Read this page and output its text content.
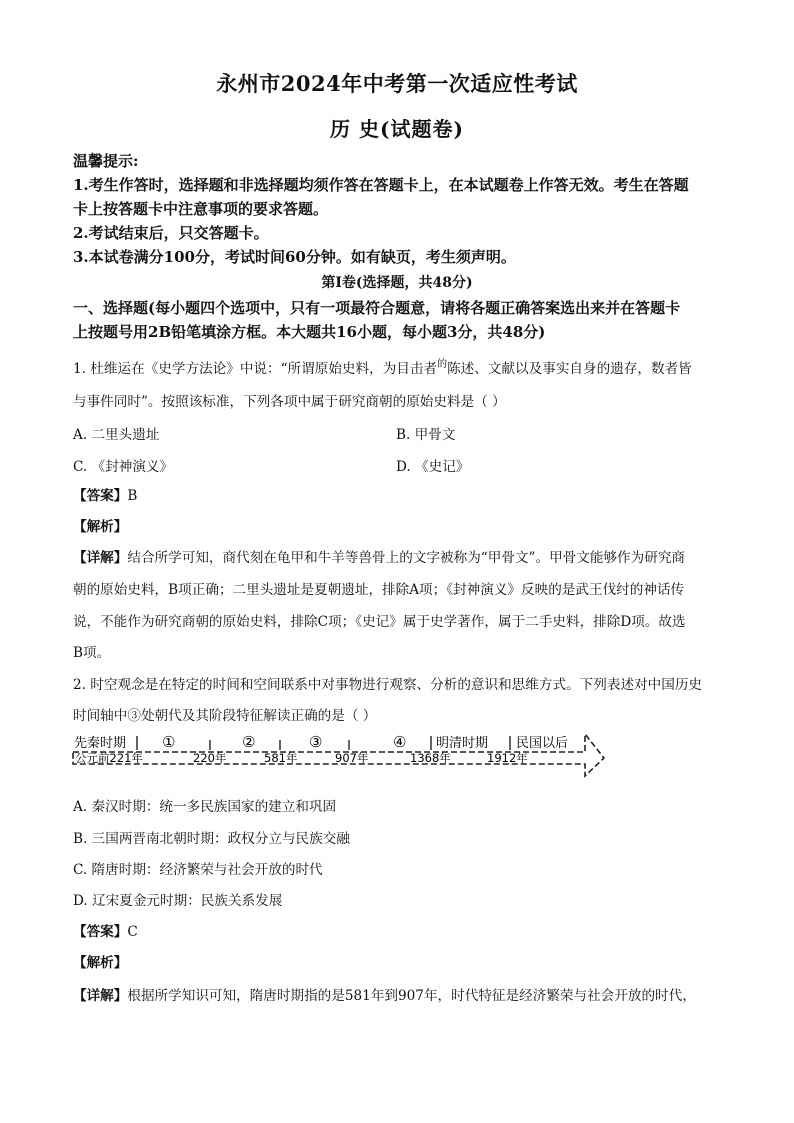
永州市2024年中考第一次适应性考试
历 史(试题卷)
温馨提示:
1.考生作答时，选择题和非选择题均须作答在答题卡上，在本试题卷上作答无效。考生在答题
卡上按答题卡中注意事项的要求答题。
2.考试结束后，只交答题卡。
3.本试卷满分100分，考试时间60分钟。如有缺页，考生须声明。
第Ⅰ卷(选择题，共48分)
一、选择题(每小题四个选项中，只有一项最符合题意，请将各题正确答案选出来并在答题卡
上按题号用2B铅笔填涂方框。本大题共16小题，每小题3分，共48分)
1. 杜维运在《史学方法论》中说：“所谓原始史料，为目击者$^的$陈述、文献以及事实自身的遗存，数者皆
与事件同时”。按照该标准，下列各项中属于研究商朝的原始史料是（ ）
A. 二里头遗址	B. 甲骨文
C. 《封神演义》	D. 《史记》
【答案】B
【解析】
【详解】结合所学可知，商代刻在龟甲和牛羊等兽骨上的文字被称为“甲骨文”。甲骨文能够作为研究商
朝的原始史料，B项正确；二里头遗址是夏朝遗址，排除A项；《封神演义》反映的是武王伐纣的神话传
说，不能作为研究商朝的原始史料，排除C项；《史记》属于史学著作，属于二手史料，排除D项。故选
B项。
2. 时空观念是在特定的时间和空间联系中对事物进行观察、分析的意识和思维方式。下列表述对中国历史
时间轴中③处朝代及其阶段特征解读正确的是（ ）
先秦时期 ①	②	③	④ 明清时期 民国以后
公元前221年	220年	581年	907年	1368年	1912年
A. 秦汉时期：统一多民族国家的建立和巩固
B. 三国两晋南北朝时期：政权分立与民族交融
C. 隋唐时期：经济繁荣与社会开放的时代
D. 辽宋夏金元时期：民族关系发展
【答案】C
【解析】
【详解】根据所学知识可知，隋唐时期指的是581年到907年，时代特征是经济繁荣与社会开放的时代，
